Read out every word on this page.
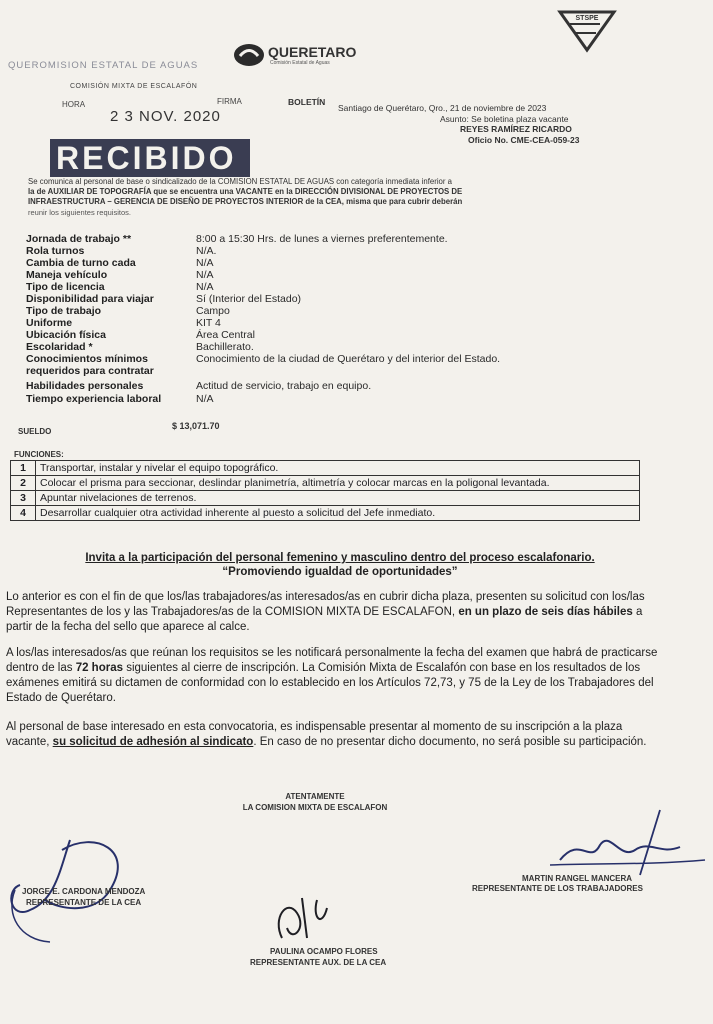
STSPE
QUEROMISION ESTATAL DE AGUAS
QUERETARO
Comisión Estatal de Aguas
COMISIÓN MIXTA DE ESCALAFÓN
HORA	FIRMA	BOLETÍN
2 3 NOV. 2020
RECIBIDO
Santiago de Querétaro, Qro., 21 de noviembre de 2023
Asunto: Se boletina plaza vacante
REYES RAMÍREZ RICARDO
Oficio No. CME-CEA-059-23
Se comunica al personal de base o sindicalizado de la COMISION ESTATAL DE AGUAS con categoría inmediata inferior a
la de AUXILIAR DE TOPOGRAFÍA que se encuentra una VACANTE en la DIRECCIÓN DIVISIONAL DE PROYECTOS DE
INFRAESTRUCTURA – GERENCIA DE DISEÑO DE PROYECTOS INTERIOR de la CEA, misma que para cubrir deberán
reunir los siguientes requisitos.
Jornada de trabajo **	8:00 a 15:30 Hrs. de lunes a viernes preferentemente.
Rola turnos	N/A.
Cambia de turno cada	N/A
Maneja vehículo	N/A
Tipo de licencia	N/A
Disponibilidad para viajar	Sí (Interior del Estado)
Tipo de trabajo	Campo
Uniforme	KIT 4
Ubicación física	Área Central
Escolaridad *	Bachillerato.
Conocimientos mínimos	Conocimiento de la ciudad de Querétaro y del interior del Estado.
requeridos para contratar
Habilidades personales	Actitud de servicio, trabajo en equipo.
Tiempo experiencia laboral	N/A
SUELDO
$ 13,071.70
FUNCIONES:
1	Transportar, instalar y nivelar el equipo topográfico.
2	Colocar el prisma para seccionar, deslindar planimetría, altimetría y colocar marcas en la poligonal levantada.
3	Apuntar nivelaciones de terrenos.
4	Desarrollar cualquier otra actividad inherente al puesto a solicitud del Jefe inmediato.
Invita a la participación del personal femenino y masculino dentro del proceso escalafonario.
“Promoviendo igualdad de oportunidades”
Lo anterior es con el fin de que los/las trabajadores/as interesados/as en cubrir dicha plaza, presenten su solicitud con los/las Representantes de los y las Trabajadores/as de la COMISION MIXTA DE ESCALAFON, en un plazo de seis días hábiles a partir de la fecha del sello que aparece al calce.
A los/las interesados/as que reúnan los requisitos se les notificará personalmente la fecha del examen que habrá de practicarse dentro de las 72 horas siguientes al cierre de inscripción. La Comisión Mixta de Escalafón con base en los resultados de los exámenes emitirá su dictamen de conformidad con lo establecido en los Artículos 72,73, y 75 de la Ley de los Trabajadores del Estado de Querétaro.
Al personal de base interesado en esta convocatoria, es indispensable presentar al momento de su inscripción a la plaza vacante, su solicitud de adhesión al sindicato. En caso de no presentar dicho documento, no será posible su participación.
ATENTAMENTE
LA COMISION MIXTA DE ESCALAFON
JORGE E. CARDONA MENDOZA
REPRESENTANTE DE LA CEA
MARTIN RANGEL MANCERA
REPRESENTANTE DE LOS TRABAJADORES
PAULINA OCAMPO FLORES
REPRESENTANTE AUX. DE LA CEA
